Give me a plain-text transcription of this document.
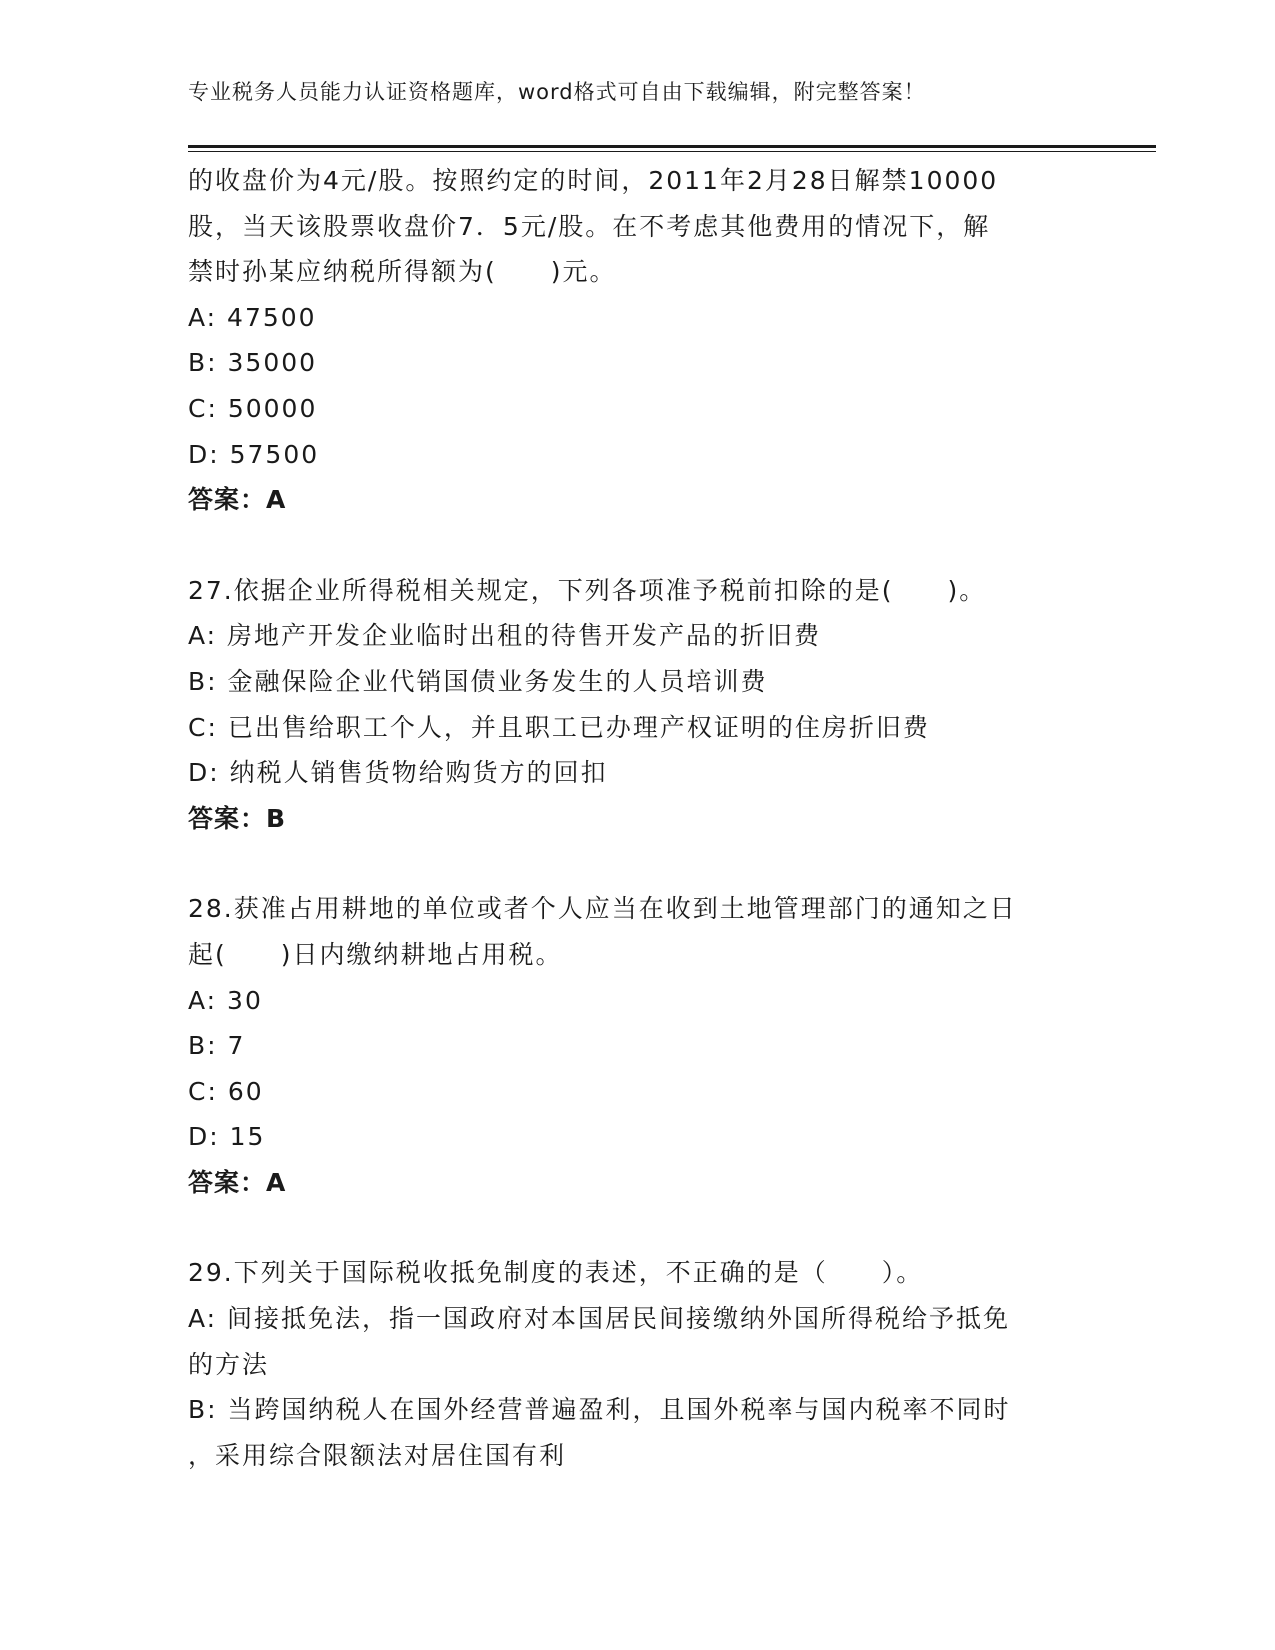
专业税务人员能力认证资格题库，word格式可自由下载编辑，附完整答案！
的收盘价为4元/股。按照约定的时间，2011年2月28日解禁10000
股，当天该股票收盘价7．5元/股。在不考虑其他费用的情况下，解
禁时孙某应纳税所得额为(　　)元。
A: 47500
B: 35000
C: 50000
D: 57500
答案：A
27.依据企业所得税相关规定，下列各项准予税前扣除的是(　　)。
A: 房地产开发企业临时出租的待售开发产品的折旧费
B: 金融保险企业代销国债业务发生的人员培训费
C: 已出售给职工个人，并且职工已办理产权证明的住房折旧费
D: 纳税人销售货物给购货方的回扣
答案：B
28.获准占用耕地的单位或者个人应当在收到土地管理部门的通知之日
起(　　)日内缴纳耕地占用税。
A: 30
B: 7
C: 60
D: 15
答案：A
29.下列关于国际税收抵免制度的表述，不正确的是（　　）。
A: 间接抵免法，指一国政府对本国居民间接缴纳外国所得税给予抵免
的方法
B: 当跨国纳税人在国外经营普遍盈利，且国外税率与国内税率不同时
，采用综合限额法对居住国有利
